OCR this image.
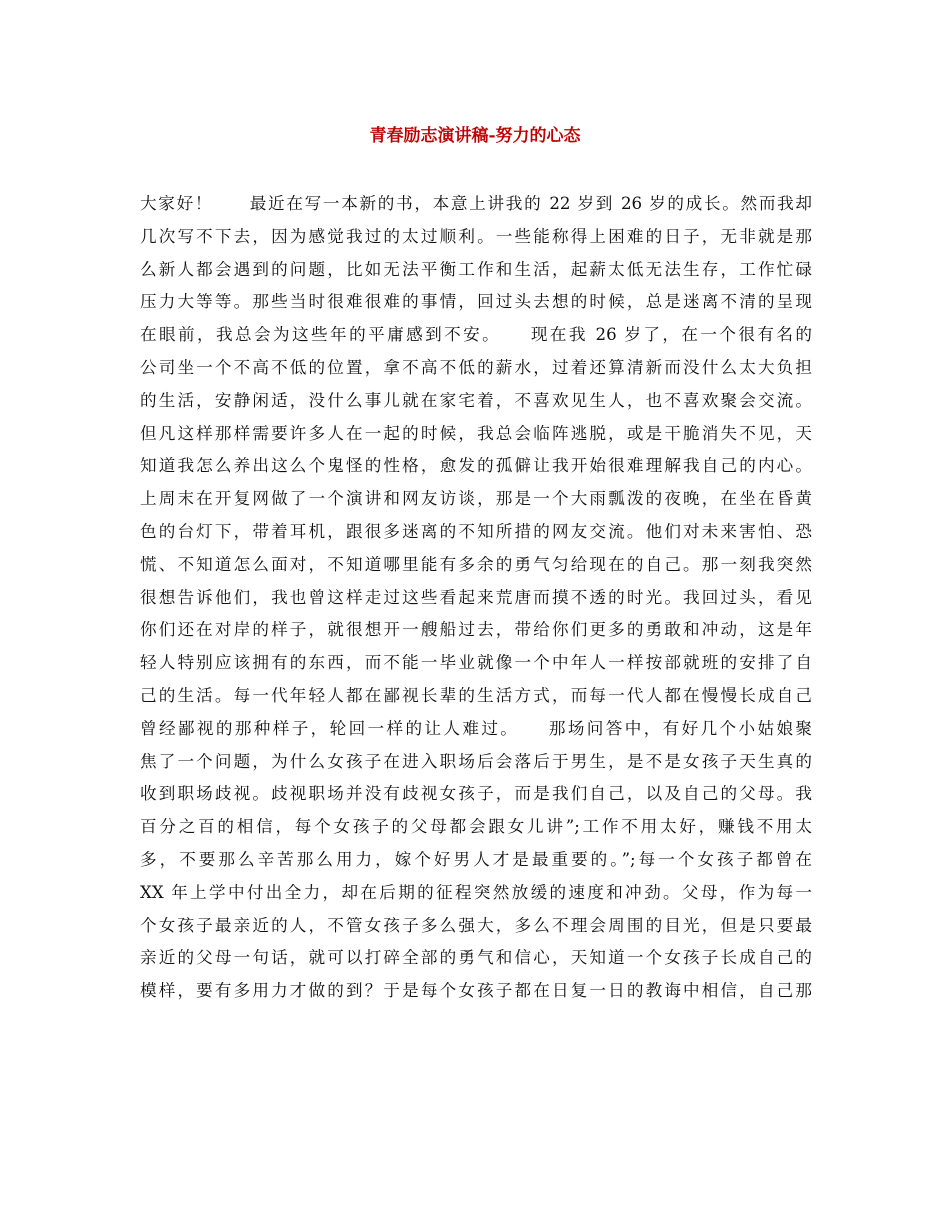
青春励志演讲稿-努力的心态
大家好！　　最近在写一本新的书，本意上讲我的 22 岁到 26 岁的成长。然而我却
几次写不下去，因为感觉我过的太过顺利。一些能称得上困难的日子，无非就是那
么新人都会遇到的问题，比如无法平衡工作和生活，起薪太低无法生存，工作忙碌
压力大等等。那些当时很难很难的事情，回过头去想的时候，总是迷离不清的呈现
在眼前，我总会为这些年的平庸感到不安。　　现在我 26 岁了，在一个很有名的
公司坐一个不高不低的位置，拿不高不低的薪水，过着还算清新而没什么太大负担
的生活，安静闲适，没什么事儿就在家宅着，不喜欢见生人，也不喜欢聚会交流。
但凡这样那样需要许多人在一起的时候，我总会临阵逃脱，或是干脆消失不见，天
知道我怎么养出这么个鬼怪的性格，愈发的孤僻让我开始很难理解我自己的内心。
上周末在开复网做了一个演讲和网友访谈，那是一个大雨瓢泼的夜晚，在坐在昏黄
色的台灯下，带着耳机，跟很多迷离的不知所措的网友交流。他们对未来害怕、恐
慌、不知道怎么面对，不知道哪里能有多余的勇气匀给现在的自己。那一刻我突然
很想告诉他们，我也曾这样走过这些看起来荒唐而摸不透的时光。我回过头，看见
你们还在对岸的样子，就很想开一艘船过去，带给你们更多的勇敢和冲动，这是年
轻人特别应该拥有的东西，而不能一毕业就像一个中年人一样按部就班的安排了自
己的生活。每一代年轻人都在鄙视长辈的生活方式，而每一代人都在慢慢长成自己
曾经鄙视的那种样子，轮回一样的让人难过。　　那场问答中，有好几个小姑娘聚
焦了一个问题，为什么女孩子在进入职场后会落后于男生，是不是女孩子天生真的
收到职场歧视。歧视职场并没有歧视女孩子，而是我们自己，以及自己的父母。我
百分之百的相信，每个女孩子的父母都会跟女儿讲”;工作不用太好，赚钱不用太
多，不要那么辛苦那么用力，嫁个好男人才是最重要的。”;每一个女孩子都曾在
XX 年上学中付出全力，却在后期的征程突然放缓的速度和冲劲。父母，作为每一
个女孩子最亲近的人，不管女孩子多么强大，多么不理会周围的目光，但是只要最
亲近的父母一句话，就可以打碎全部的勇气和信心，天知道一个女孩子长成自己的
模样，要有多用力才做的到？于是每个女孩子都在日复一日的教诲中相信，自己那
